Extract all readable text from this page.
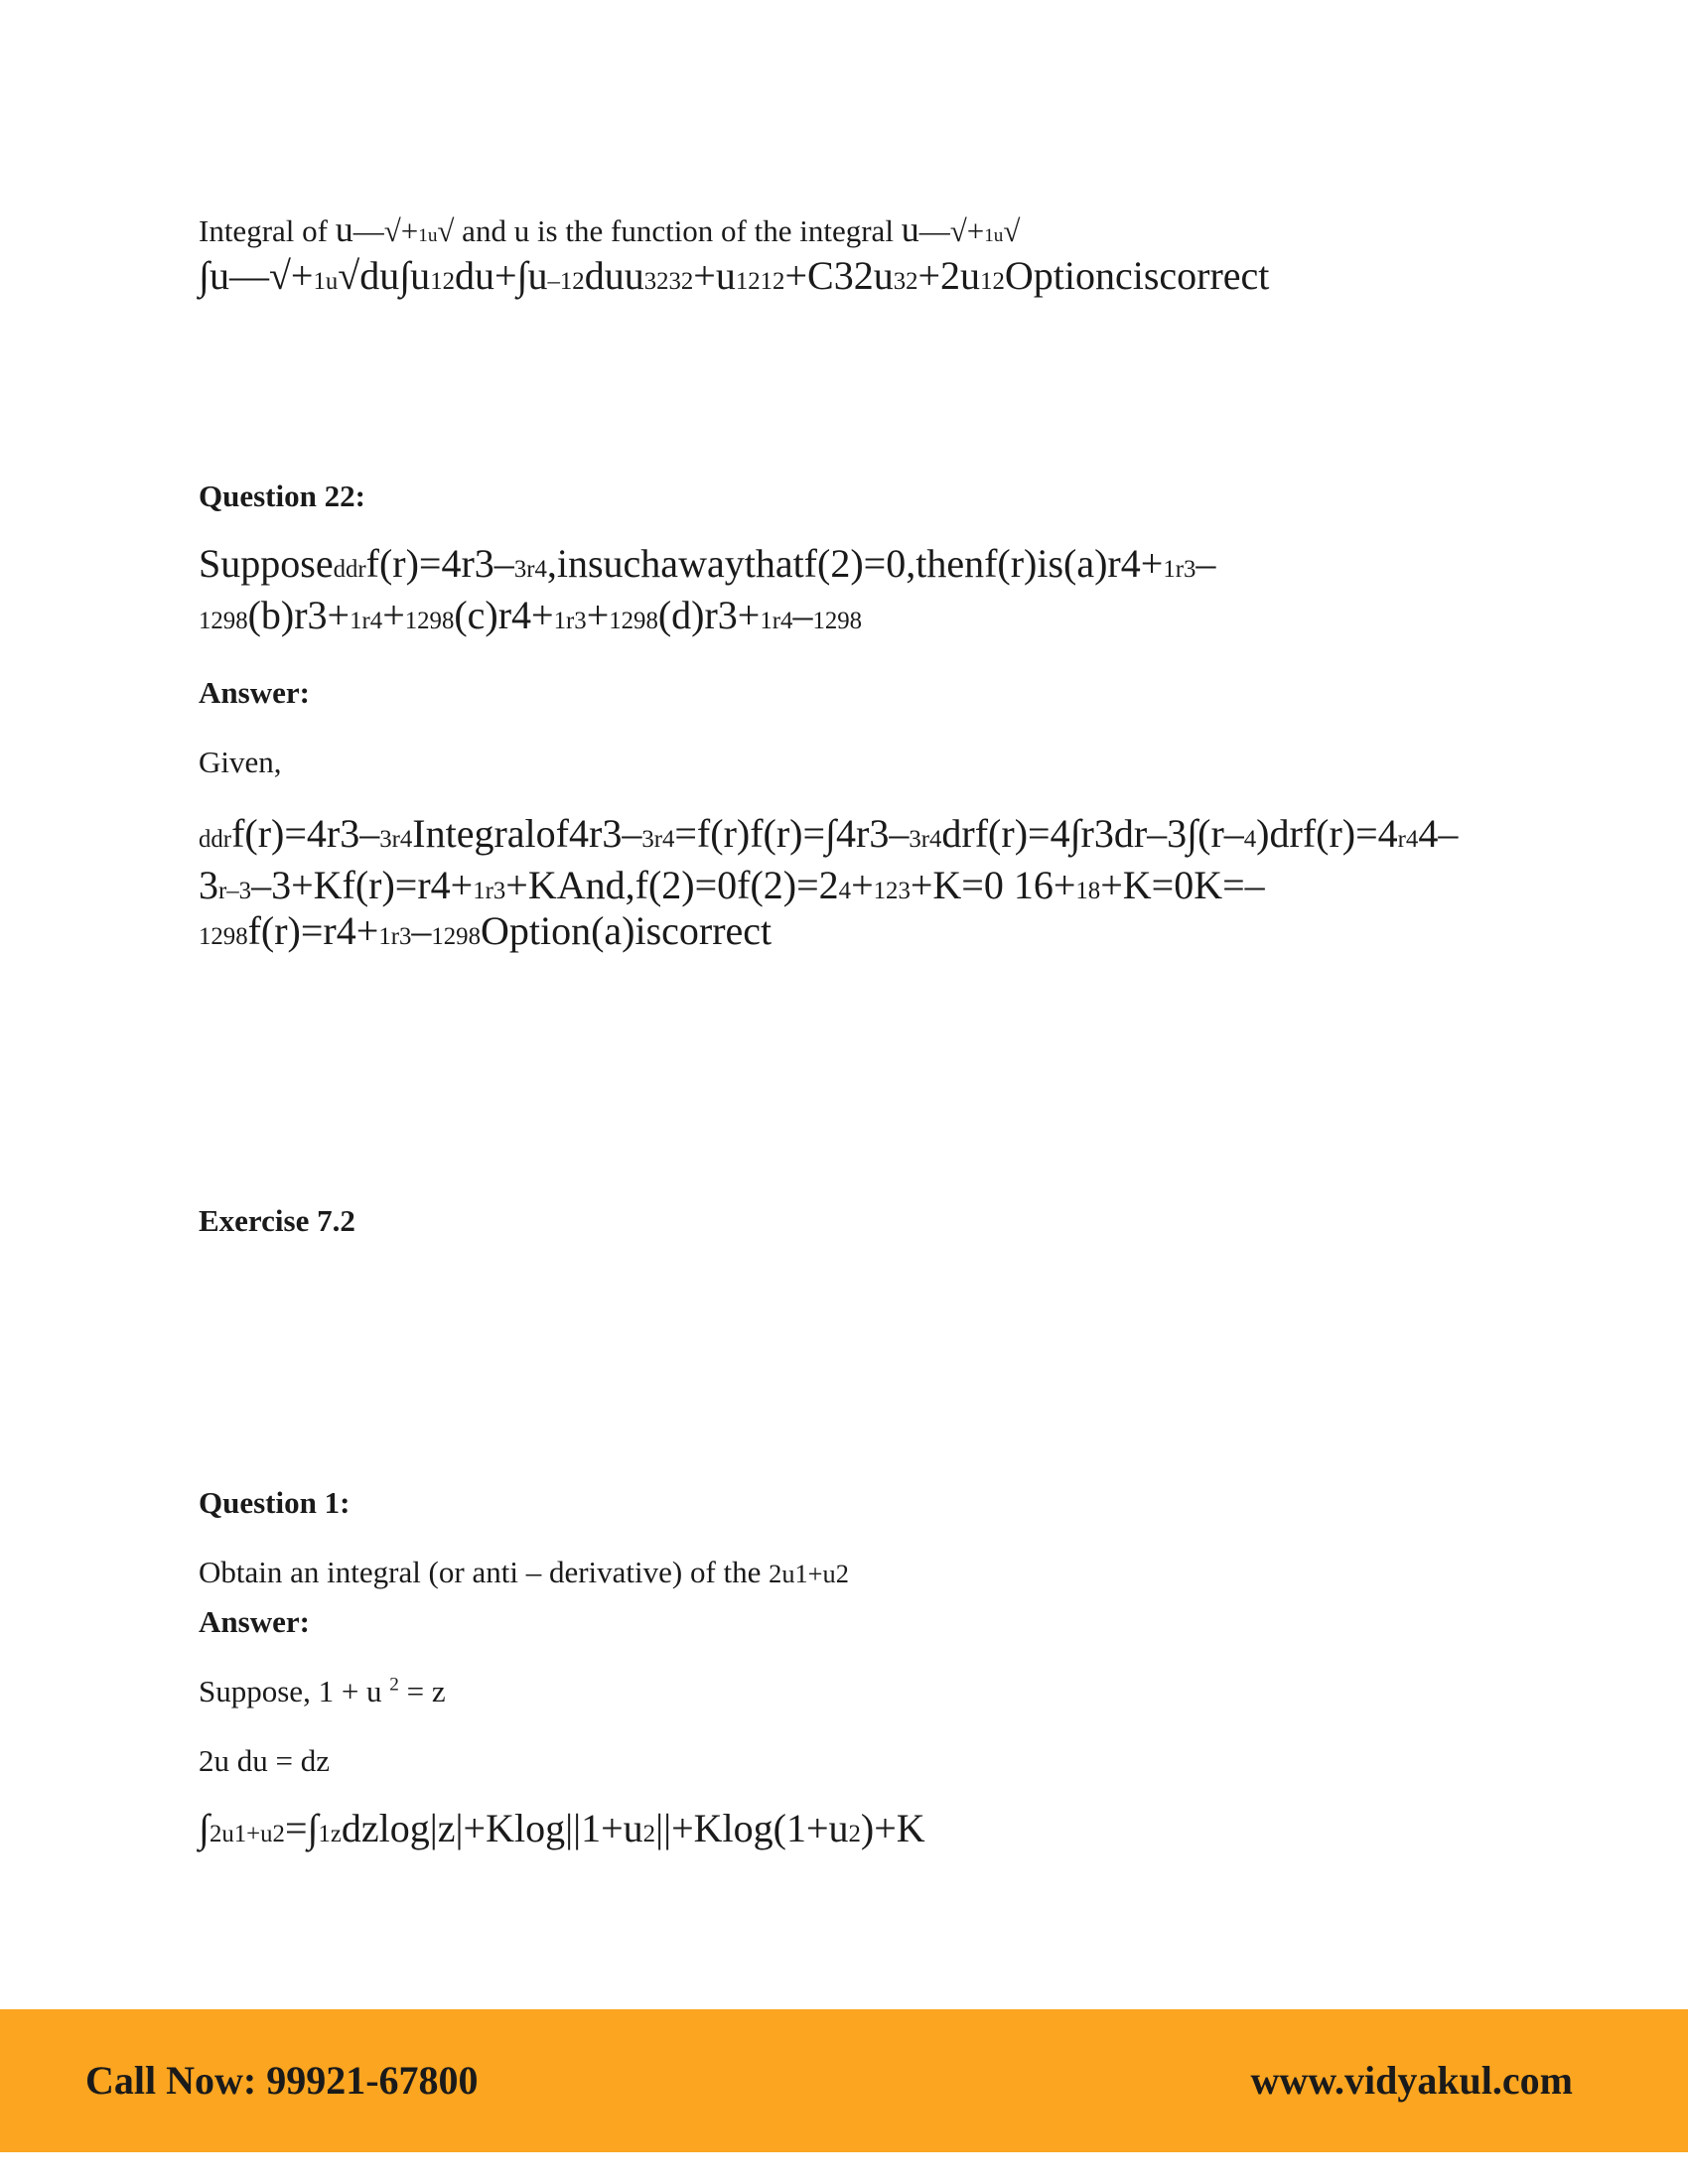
Integral of u––√+1u√ and u is the function of the integral u––√+1u√
∫u––√+1u√du∫u12du+∫u–12duu3232+u1212+C32u32+2u12Optionciscorrect
Question 22:
Supposeddrf(r)=4r3–3r4,insuchawaythatf(2)=0,thenf(r)is(a)r4+1r3–
1298(b)r3+1r4+1298(c)r4+1r3+1298(d)r3+1r4–1298
Answer:
Given,
ddrf(r)=4r3–3r4Integralof4r3–3r4=f(r)f(r)=∫4r3–3r4drf(r)=4∫r3dr–3∫(r–4)drf(r)=4r44–
3r–3–3+Kf(r)=r4+1r3+KAnd,f(2)=0f(2)=24+123+K=0 16+18+K=0K=–
1298f(r)=r4+1r3–1298Option(a)iscorrect
Exercise 7.2
Question 1:
Obtain an integral (or anti – derivative) of the 2u1+u2
Answer:
Suppose, 1 + u $^2$ = z
2u du = dz
∫2u1+u2=∫1zdzlog|z|+Klog||1+u2||+Klog(1+u2)+K
Call Now: 99921-67800	www.vidyakul.com
